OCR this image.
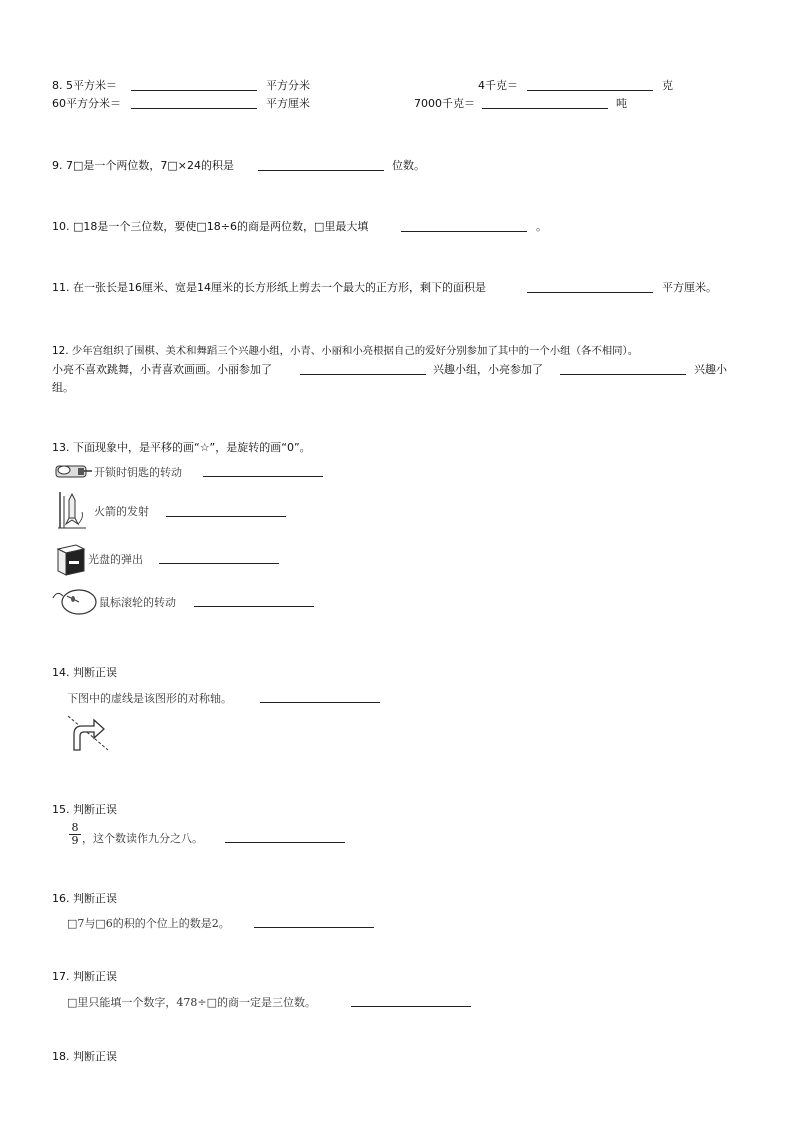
8. 5平方米＝	平方分米	4千克＝	克
60平方分米＝	平方厘米	7000千克＝	吨
9. 7□是一个两位数，7□×24的积是	位数。
10. □18是一个三位数，要使□18÷6的商是两位数，□里最大填	。
11. 在一张长是16厘米、宽是14厘米的长方形纸上剪去一个最大的正方形，剩下的面积是	平方厘米。
12. 少年宫组织了围棋、美术和舞蹈三个兴趣小组，小青、小丽和小亮根据自己的爱好分别参加了其中的一个小组（各不相同）。
小亮不喜欢跳舞，小青喜欢画画。小丽参加了	兴趣小组，小亮参加了	兴趣小
组。
13. 下面现象中，是平移的画“☆”，是旋转的画“0”。
开锁时钥匙的转动
火箭的发射
光盘的弹出
鼠标滚轮的转动
14. 判断正误
下图中的虚线是该图形的对称轴。
15. 判断正误
8
9 ，这个数读作九分之八。
16. 判断正误
□7与□6的积的个位上的数是2。
17. 判断正误
□里只能填一个数字，478÷□的商一定是三位数。
18. 判断正误
